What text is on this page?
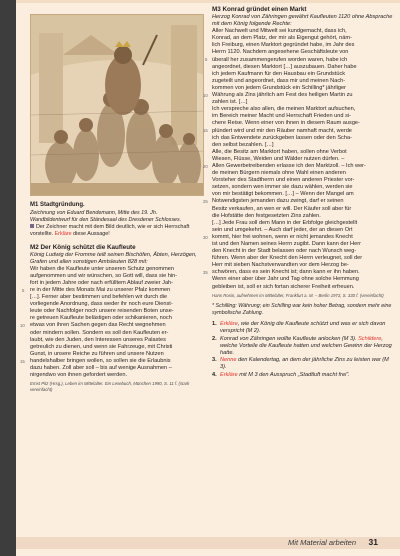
M1 Stadtgründung.
Zeichnung von Eduard Bendemann, Mitte des 19. Jh.
Wandbildentwurf für den Ständesaal des Dresdener Schlosses.
Der Zeichner macht mit dem Bild deutlich, wie er sich Herrschaft vorstellte. Erkläre diese Aussage!
M2 Der König schützt die Kaufleute
König Ludwig der Fromme teilt seinen Bischöfen, Äbten, Herzögen, Grafen und allen sonstigen Amtsleuten 828 mit:
Wir haben die Kaufleute unter unseren Schutz genommen
aufgenommen und wir wünschen, so Gott will, dass sie hin-
fort in jedem Jahre oder nach erfülltem Ablauf zweier Jah-
re in der Mitte des Monats Mai zu unserer Pfalz kommen
[…]. Ferner aber bestimmen und befehlen wir durch die
vorliegende Anordnung, dass weder ihr noch eure Dienst-
leute oder Nachfolger noch unsere reisenden Boten unse-
re getreuen Kaufleute belästigen oder schikanieren, noch
etwas von ihren Sachen gegen das Recht wegnehmen
oder mindern sollen. Sondern es soll den Kaufleuten er-
laubt, wie den Juden, den Interessen unseres Palastes
getreulich zu dienen, und wenn sie Fahrzeuge, mit Christi
Gunst, in unsere Reiche zu führen und unsere Nutzen
handelshalber bringen wollen, so sollen sie die Erlaubnis
dazu haben. Zoll aber soll – bis auf wenige Ausnahmen –
nirgendwo von ihnen gefordert werden.
5
10
15
Ernst Pitz (Hrsg.), Leben im Mittelalter. Ein Lesebuch, München 1990, S. 11 f. (stark vereinfacht)
M3 Konrad gründet einen Markt
Herzog Konrad von Zähringen gewährt Kaufleuten 1120 ohne Absprache mit dem König folgende Rechte:
Aller Nachwelt und Mitwelt sei kundgemacht, dass ich,
Konrad, an dem Platz, der mir als Eigengut gehört, näm-
lich Freiburg, einen Marktort gegründet habe, im Jahr des
Herrn 1120. Nachdem angesehene Geschäftsleute von
überall her zusammengerufen worden waren, habe ich
angeordnet, diesen Marktort […] auszubauen. Daher habe
ich jedem Kaufmann für den Hausbau ein Grundstück
zugeteilt und angeordnet, dass mir und meinen Nach-
kommen von jedem Grundstück ein Schilling* jährliger
Währung als Zins jährlich am Fest des heiligen Martin zu
zahlen ist. […]
Ich verspreche also allen, die meinen Marktort aufsuchen,
im Bereich meiner Macht und Herrschaft Frieden und si-
chere Reise. Wenn einer von ihnen in diesem Raum ausge-
plündert wird und mir den Räuber namhaft macht, werde
ich das Entwendete zurückgeben lassen oder den Scha-
den selbst bezahlen. […]
Alle, die Besitz am Marktort haben, sollen ohne Verbot
Wiesen, Flüsse, Weiden und Wälder nutzen dürfen. –
Allen Gewerbetreibenden erlasse ich den Marktzoll. – Ich wer-
de meinen Bürgern niemals ohne Wahl einen anderen
Vorsteher des Stadtherrn und einen anderen Priester vor-
setzen, sondern wen immer sie dazu wählen, werden sie
von mir bestätigt bekommen. […] – Wenn der Mangel am
Notwendigsten jemanden dazu zwingt, darf er seinen
Besitz verkaufen, an wen er will. Der Käufer soll aber für
die Hofstätte den festgesetzten Zins zahlen.
[…] Jede Frau soll dem Mann in der Erbfolge gleichgestellt
sein und umgekehrt. – Auch darf jeder, der an diesen Ort
kommt, hier frei wohnen, wenn er nicht jemandes Knecht
ist und den Namen seines Herrn zugibt. Dann kann der Herr
den Knecht in der Stadt belassen oder nach Wunsch weg-
führen. Wenn aber der Knecht den Herrn verleugnet, soll der
Herr mit sieben Nachstverwandten vor dem Herzog be-
schwören, dass es sein Knecht ist; dann kann er ihn haben.
Wenn einer aber über Jahr und Tag ohne solche Hemmung
gebleiben ist, soll er sich fortan sicherer Freiheit erfreuen.
5
10
15
20
25
30
35
Hans Rosin, aufnehmen im Mittelalter, Frankfurt a. M. – Berlin 1973, S. 330 f. (vereinfacht)
* Schilling: Währung; ein Schilling war kein hoher Betrag, sondern mehr eine symbolische Zahlung.
1. Erkläre, wie der König die Kaufleute schützt und was er sich davon verspricht (M 2).
2. Konrad von Zähringen wollte Kaufleute anlocken (M 3). Schildere, welche Vorteile die Kaufleute hatten und welchen Gewinn der Herzog hatte.
3. Nenne den Kalendertag, an dem der jährliche Zins zu leisten war (M 3).
4. Erkläre mit M 3 den Ausspruch „Stadtluft macht frei“.
Mit Material arbeiten 31
